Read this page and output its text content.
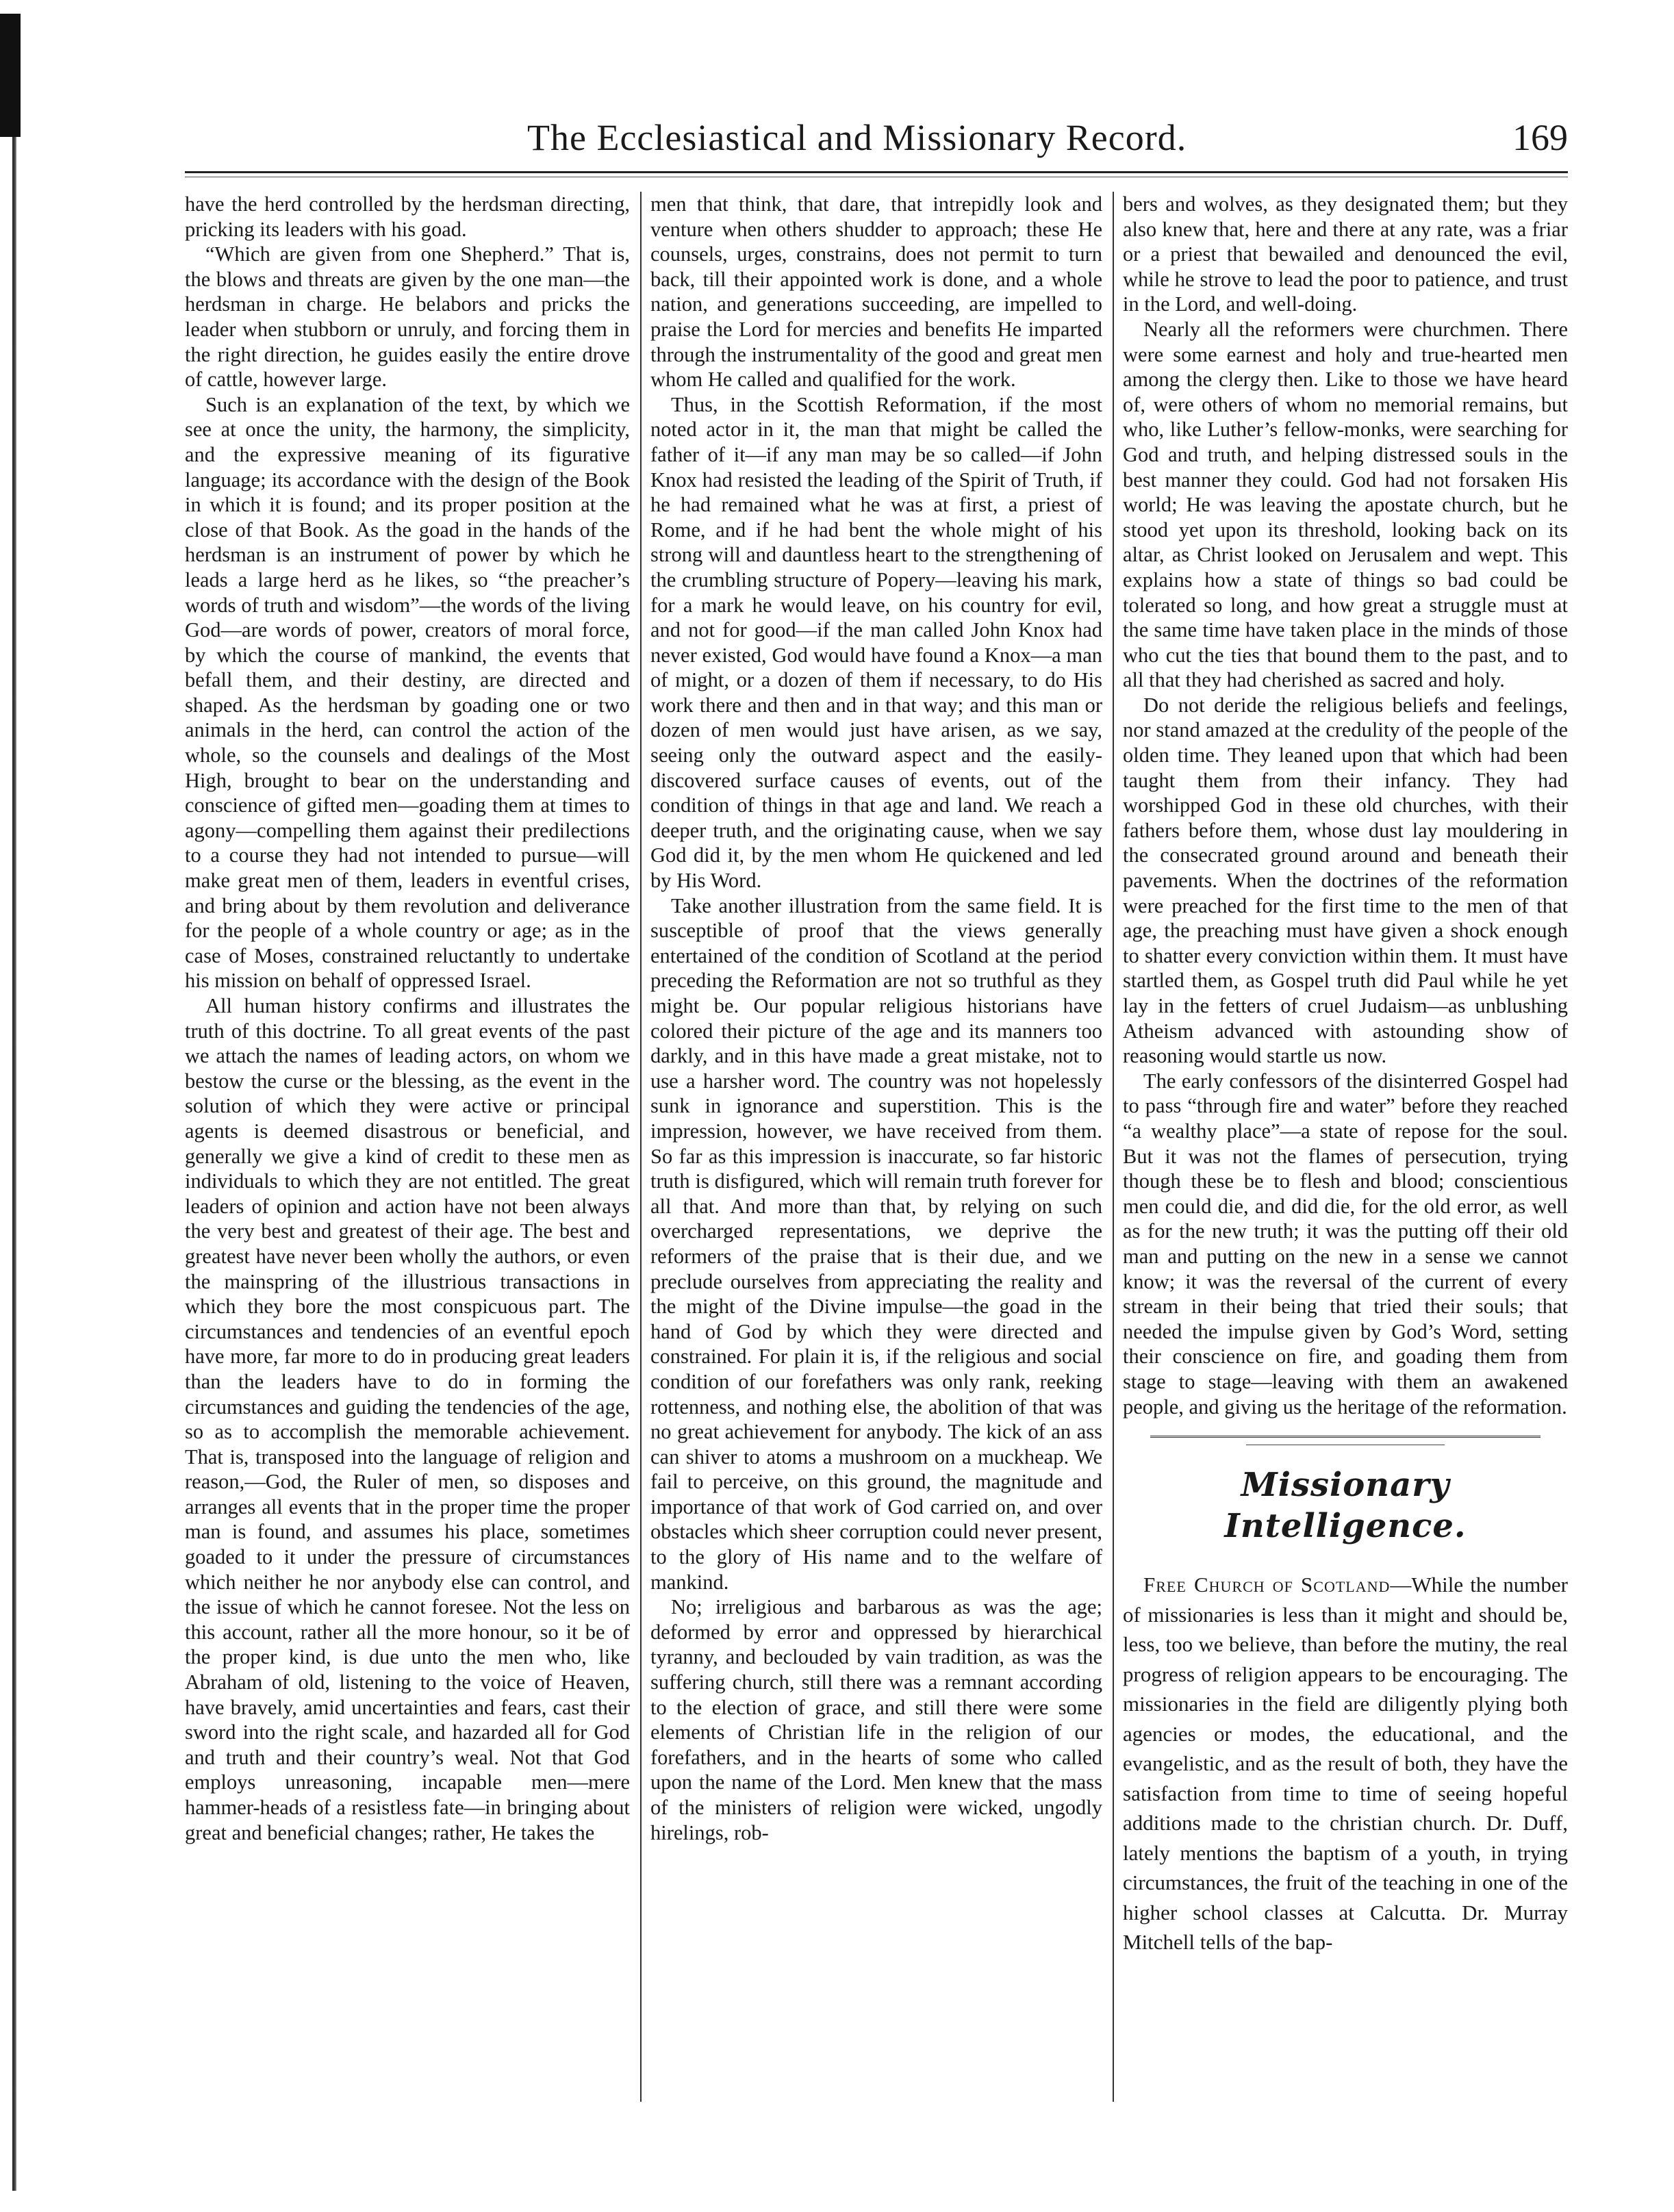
The Ecclesiastical and Missionary Record.	169

have the herd controlled by the herdsman directing, pricking its leaders with his goad.

“Which are given from one Shepherd.” That is, the blows and threats are given by the one man—the herdsman in charge. He belabors and pricks the leader when stubborn or unruly, and forcing them in the right direction, he guides easily the entire drove of cattle, however large.

Such is an explanation of the text, by which we see at once the unity, the harmony, the simplicity, and the expressive meaning of its figurative language; its accordance with the design of the Book in which it is found; and its proper position at the close of that Book. As the goad in the hands of the herdsman is an instrument of power by which he leads a large herd as he likes, so “the preacher’s words of truth and wisdom”—the words of the living God—are words of power, creators of moral force, by which the course of mankind, the events that befall them, and their destiny, are directed and shaped. As the herdsman by goading one or two animals in the herd, can control the action of the whole, so the counsels and dealings of the Most High, brought to bear on the understanding and conscience of gifted men—goading them at times to agony—compelling them against their predilections to a course they had not intended to pursue—will make great men of them, leaders in eventful crises, and bring about by them revolution and deliverance for the people of a whole country or age; as in the case of Moses, constrained reluctantly to undertake his mission on behalf of oppressed Israel.

All human history confirms and illustrates the truth of this doctrine. To all great events of the past we attach the names of leading actors, on whom we bestow the curse or the blessing, as the event in the solution of which they were active or principal agents is deemed disastrous or beneficial, and generally we give a kind of credit to these men as individuals to which they are not entitled. The great leaders of opinion and action have not been always the very best and greatest of their age. The best and greatest have never been wholly the authors, or even the mainspring of the illustrious transactions in which they bore the most conspicuous part. The circumstances and tendencies of an eventful epoch have more, far more to do in producing great leaders than the leaders have to do in forming the circumstances and guiding the tendencies of the age, so as to accomplish the memorable achievement. That is, transposed into the language of religion and reason,—God, the Ruler of men, so disposes and arranges all events that in the proper time the proper man is found, and assumes his place, sometimes goaded to it under the pressure of circumstances which neither he nor anybody else can control, and the issue of which he cannot foresee. Not the less on this account, rather all the more honour, so it be of the proper kind, is due unto the men who, like Abraham of old, listening to the voice of Heaven, have bravely, amid uncertainties and fears, cast their sword into the right scale, and hazarded all for God and truth and their country’s weal. Not that God employs unreasoning, incapable men—mere hammer-heads of a resistless fate—in bringing about great and beneficial changes; rather, He takes the

men that think, that dare, that intrepidly look and venture when others shudder to approach; these He counsels, urges, constrains, does not permit to turn back, till their appointed work is done, and a whole nation, and generations succeeding, are impelled to praise the Lord for mercies and benefits He imparted through the instrumentality of the good and great men whom He called and qualified for the work.

Thus, in the Scottish Reformation, if the most noted actor in it, the man that might be called the father of it—if any man may be so called—if John Knox had resisted the leading of the Spirit of Truth, if he had remained what he was at first, a priest of Rome, and if he had bent the whole might of his strong will and dauntless heart to the strengthening of the crumbling structure of Popery—leaving his mark, for a mark he would leave, on his country for evil, and not for good—if the man called John Knox had never existed, God would have found a Knox—a man of might, or a dozen of them if necessary, to do His work there and then and in that way; and this man or dozen of men would just have arisen, as we say, seeing only the outward aspect and the easily-discovered surface causes of events, out of the condition of things in that age and land. We reach a deeper truth, and the originating cause, when we say God did it, by the men whom He quickened and led by His Word.

Take another illustration from the same field. It is susceptible of proof that the views generally entertained of the condition of Scotland at the period preceding the Reformation are not so truthful as they might be. Our popular religious historians have colored their picture of the age and its manners too darkly, and in this have made a great mistake, not to use a harsher word. The country was not hopelessly sunk in ignorance and superstition. This is the impression, however, we have received from them. So far as this impression is inaccurate, so far historic truth is disfigured, which will remain truth forever for all that. And more than that, by relying on such overcharged representations, we deprive the reformers of the praise that is their due, and we preclude ourselves from appreciating the reality and the might of the Divine impulse—the goad in the hand of God by which they were directed and constrained. For plain it is, if the religious and social condition of our forefathers was only rank, reeking rottenness, and nothing else, the abolition of that was no great achievement for anybody. The kick of an ass can shiver to atoms a mushroom on a muckheap. We fail to perceive, on this ground, the magnitude and importance of that work of God carried on, and over obstacles which sheer corruption could never present, to the glory of His name and to the welfare of mankind.

No; irreligious and barbarous as was the age; deformed by error and oppressed by hierarchical tyranny, and beclouded by vain tradition, as was the suffering church, still there was a remnant according to the election of grace, and still there were some elements of Christian life in the religion of our forefathers, and in the hearts of some who called upon the name of the Lord. Men knew that the mass of the ministers of religion were wicked, ungodly hirelings, rob-

bers and wolves, as they designated them; but they also knew that, here and there at any rate, was a friar or a priest that bewailed and denounced the evil, while he strove to lead the poor to patience, and trust in the Lord, and well-doing.

Nearly all the reformers were churchmen. There were some earnest and holy and true-hearted men among the clergy then. Like to those we have heard of, were others of whom no memorial remains, but who, like Luther’s fellow-monks, were searching for God and truth, and helping distressed souls in the best manner they could. God had not forsaken His world; He was leaving the apostate church, but he stood yet upon its threshold, looking back on its altar, as Christ looked on Jerusalem and wept. This explains how a state of things so bad could be tolerated so long, and how great a struggle must at the same time have taken place in the minds of those who cut the ties that bound them to the past, and to all that they had cherished as sacred and holy.

Do not deride the religious beliefs and feelings, nor stand amazed at the credulity of the people of the olden time. They leaned upon that which had been taught them from their infancy. They had worshipped God in these old churches, with their fathers before them, whose dust lay mouldering in the consecrated ground around and beneath their pavements. When the doctrines of the reformation were preached for the first time to the men of that age, the preaching must have given a shock enough to shatter every conviction within them. It must have startled them, as Gospel truth did Paul while he yet lay in the fetters of cruel Judaism—as unblushing Atheism advanced with astounding show of reasoning would startle us now.

The early confessors of the disinterred Gospel had to pass “through fire and water” before they reached “a wealthy place”—a state of repose for the soul. But it was not the flames of persecution, trying though these be to flesh and blood; conscientious men could die, and did die, for the old error, as well as for the new truth; it was the putting off their old man and putting on the new in a sense we cannot know; it was the reversal of the current of every stream in their being that tried their souls; that needed the impulse given by God’s Word, setting their conscience on fire, and goading them from stage to stage—leaving with them an awakened people, and giving us the heritage of the reformation.

Missionary Intelligence.

Free Church of Scotland—While the number of missionaries is less than it might and should be, less, too we believe, than before the mutiny, the real progress of religion appears to be encouraging. The missionaries in the field are diligently plying both agencies or modes, the educational, and the evangelistic, and as the result of both, they have the satisfaction from time to time of seeing hopeful additions made to the christian church. Dr. Duff, lately mentions the baptism of a youth, in trying circumstances, the fruit of the teaching in one of the higher school classes at Calcutta. Dr. Murray Mitchell tells of the bap-
